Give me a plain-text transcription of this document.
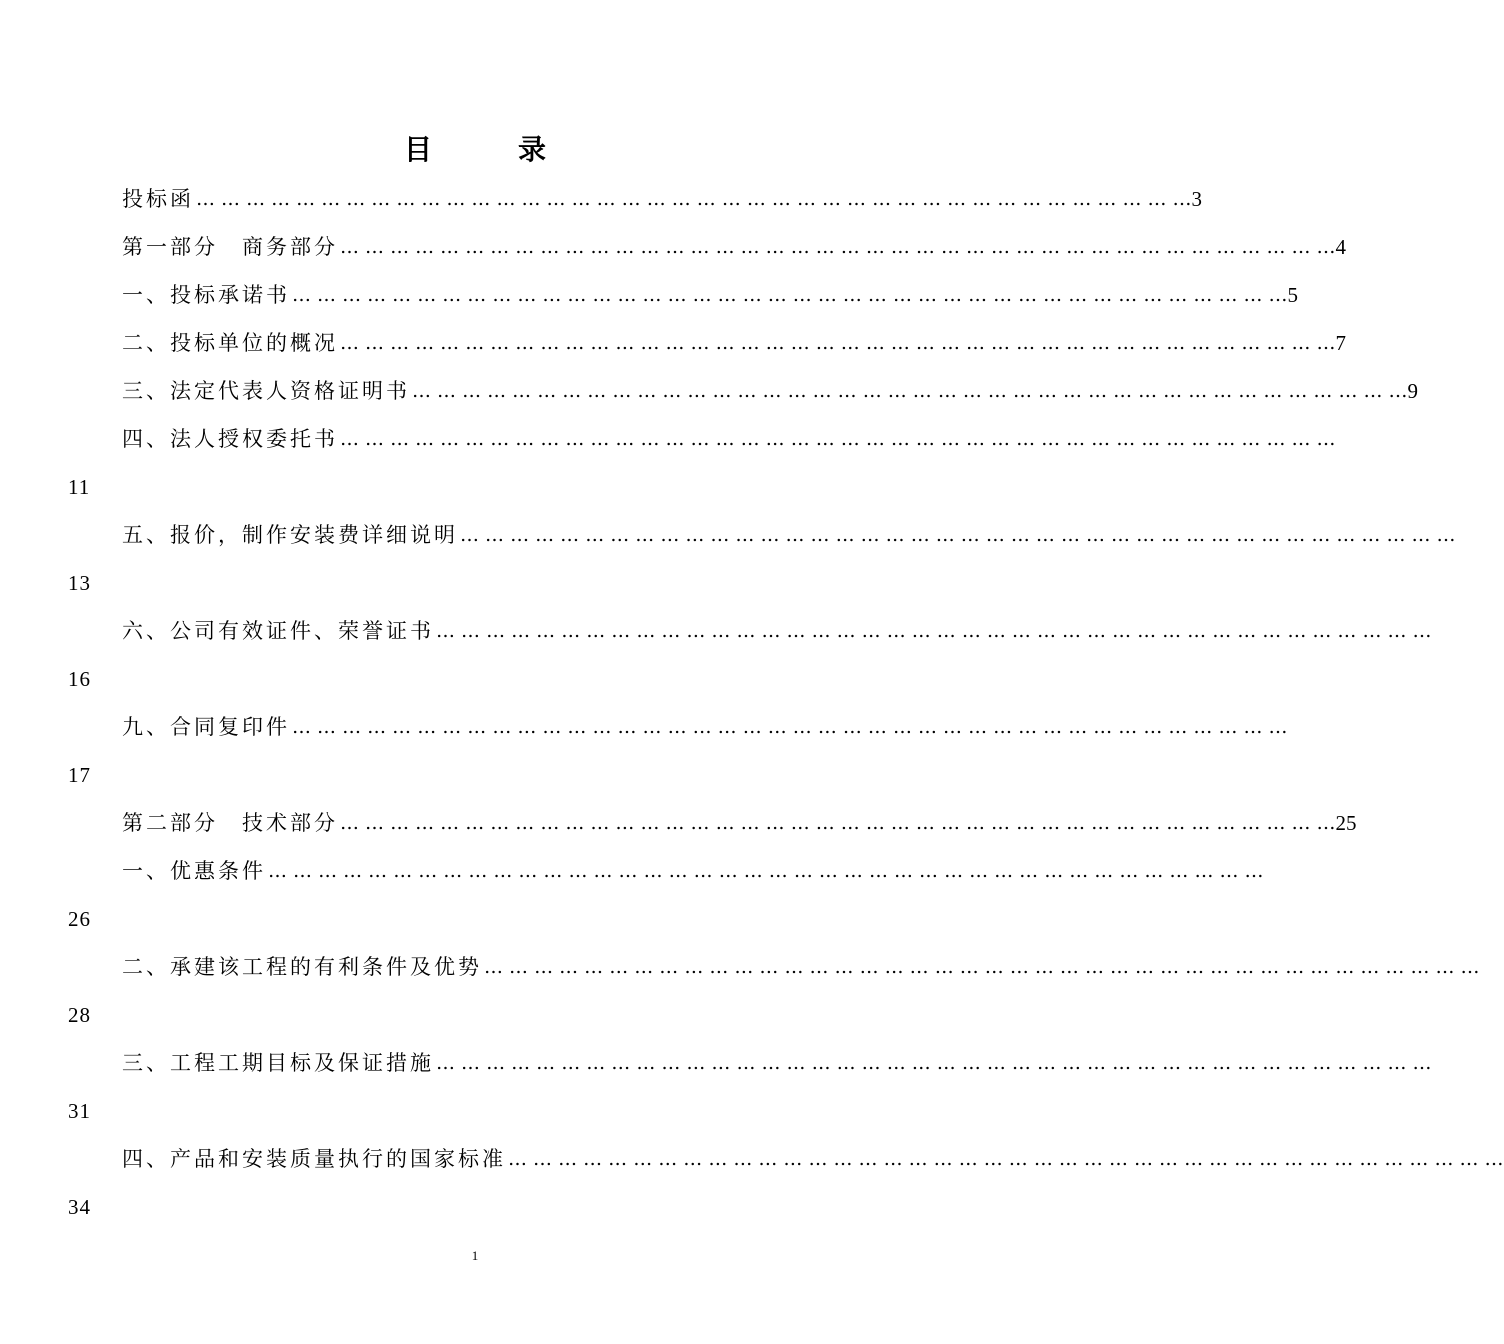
目	录
投标函 … … … … … … … … … … … … … … … … … … … … … … … … … … … … … … … … … … … … … … … … 3
第一部分　商务部分 … … … … … … … … … … … … … … … … … … … … … … … … … … … … … … … … … … … … … … … … 4
一、投标承诺书 … … … … … … … … … … … … … … … … … … … … … … … … … … … … … … … … … … … … … … … … 5
二、投标单位的概况 … … … … … … … … … … … … … … … … … … … … … … … … … … … … … … … … … … … … … … … … 7
三、法定代表人资格证明书 … … … … … … … … … … … … … … … … … … … … … … … … … … … … … … … … … … … … … … … … 9
四、法人授权委托书 … … … … … … … … … … … … … … … … … … … … … … … … … … … … … … … … … … … … … … … …
11
五、报价，制作安装费详细说明 … … … … … … … … … … … … … … … … … … … … … … … … … … … … … … … … … … … … … … … …
13
六、公司有效证件、荣誉证书 … … … … … … … … … … … … … … … … … … … … … … … … … … … … … … … … … … … … … … … …
16
九、合同复印件 … … … … … … … … … … … … … … … … … … … … … … … … … … … … … … … … … … … … … … … …
17
第二部分　技术部分 … … … … … … … … … … … … … … … … … … … … … … … … … … … … … … … … … … … … … … … … 25
一、优惠条件 … … … … … … … … … … … … … … … … … … … … … … … … … … … … … … … … … … … … … … … …
26
二、承建该工程的有利条件及优势 … … … … … … … … … … … … … … … … … … … … … … … … … … … … … … … … … … … … … … … …
28
三、工程工期目标及保证措施 … … … … … … … … … … … … … … … … … … … … … … … … … … … … … … … … … … … … … … … …
31
四、产品和安装质量执行的国家标准 … … … … … … … … … … … … … … … … … … … … … … … … … … … … … … … … … … … … … … … …
34
1
